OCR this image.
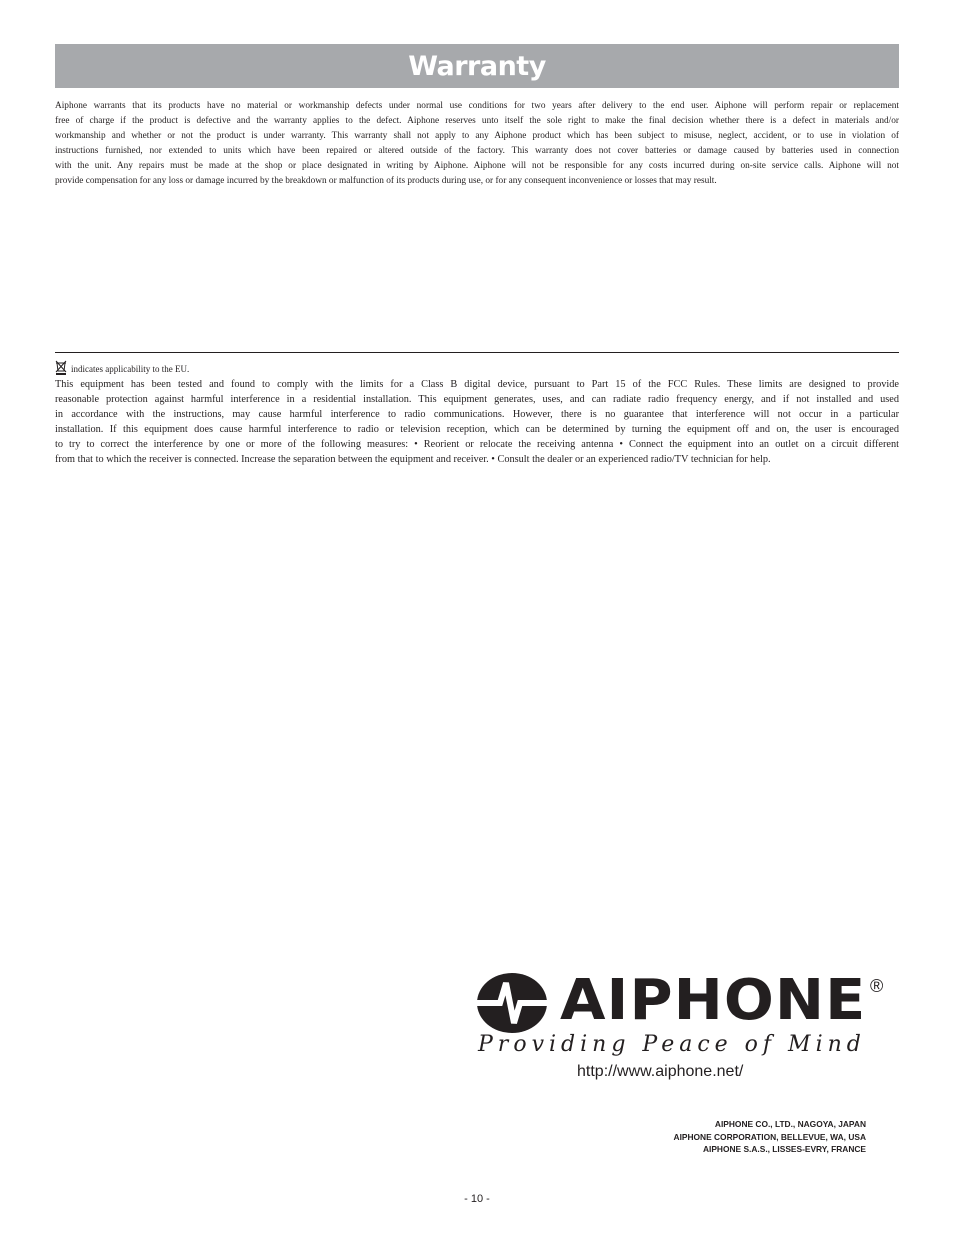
Warranty
Aiphone warrants that its products have no material or workmanship defects under normal use conditions for two years after delivery to the end user. Aiphone will perform repair or replacement
free of charge if the product is defective and the warranty applies to the defect. Aiphone reserves unto itself the sole right to make the final decision whether there is a defect in materials and/or
workmanship and whether or not the product is under warranty. This warranty shall not apply to any Aiphone product which has been subject to misuse, neglect, accident, or to use in violation of
instructions furnished, nor extended to units which have been repaired or altered outside of the factory. This warranty does not cover batteries or damage caused by batteries used in connection
with the unit. Any repairs must be made at the shop or place designated in writing by Aiphone. Aiphone will not be responsible for any costs incurred during on-site service calls. Aiphone will not
provide compensation for any loss or damage incurred by the breakdown or malfunction of its products during use, or for any consequent inconvenience or losses that may result.
indicates applicability to the EU.
This equipment has been tested and found to comply with the limits for a Class B digital device, pursuant to Part 15 of the FCC Rules. These limits are designed to provide
reasonable protection against harmful interference in a residential installation. This equipment generates, uses, and can radiate radio frequency energy, and if not installed and used
in accordance with the instructions, may cause harmful interference to radio communications. However, there is no guarantee that interference will not occur in a particular
installation. If this equipment does cause harmful interference to radio or television reception, which can be determined by turning the equipment off and on, the user is encouraged
to try to correct the interference by one or more of the following measures: • Reorient or relocate the receiving antenna • Connect the equipment into an outlet on a circuit different
from that to which the receiver is connected. Increase the separation between the equipment and receiver. • Consult the dealer or an experienced radio/TV technician for help.
AIPHONE ®
Providing Peace of Mind
http://www.aiphone.net/
AIPHONE CO., LTD., NAGOYA, JAPAN
AIPHONE CORPORATION, BELLEVUE, WA, USA
AIPHONE S.A.S., LISSES-EVRY, FRANCE
- 10 -
